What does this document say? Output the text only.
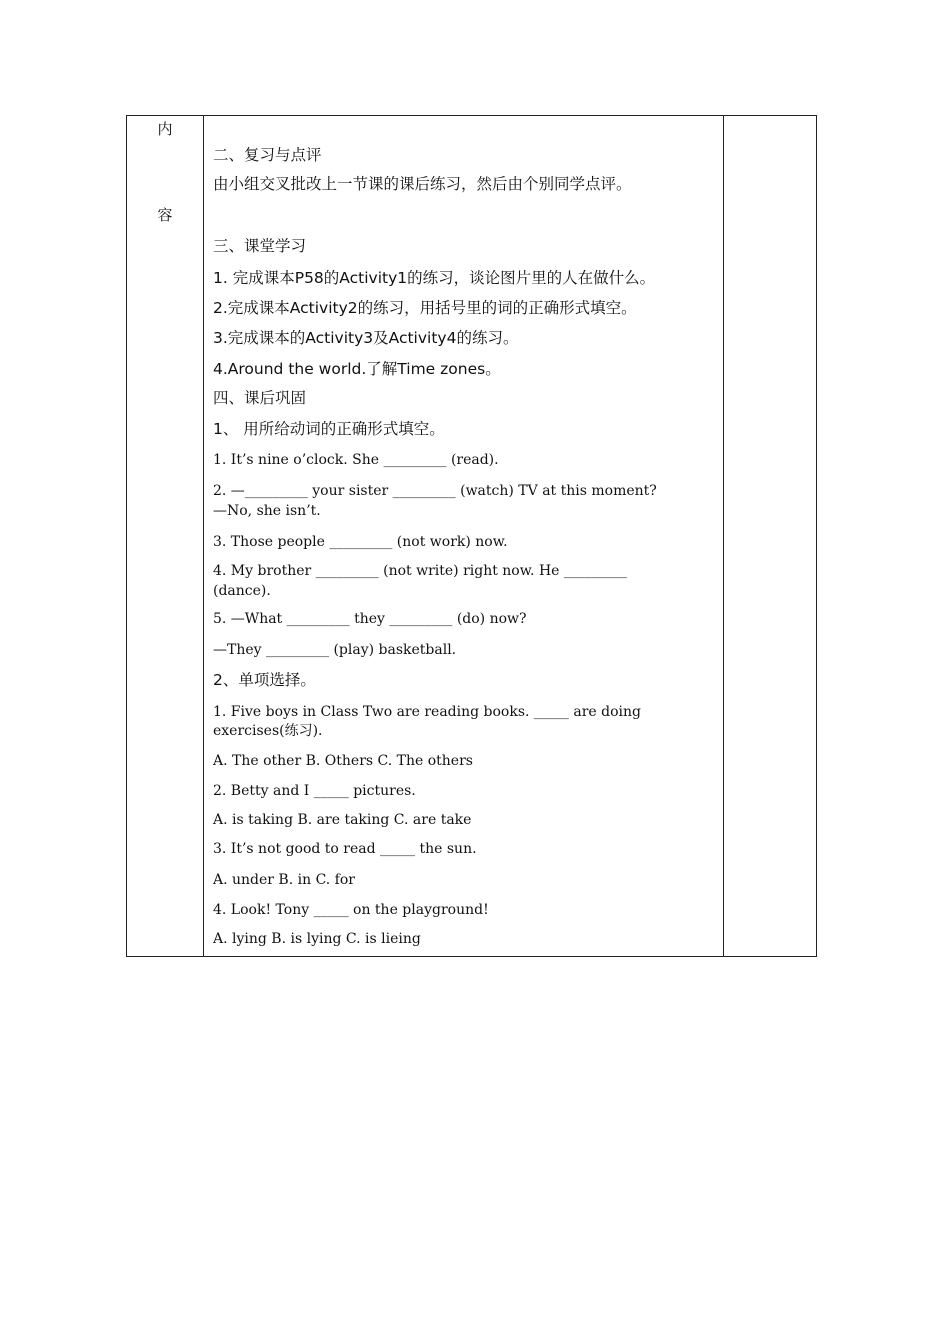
内
容

二、复习与点评
由小组交叉批改上一节课的课后练习，然后由个别同学点评。
三、课堂学习
1. 完成课本P58的Activity1的练习，谈论图片里的人在做什么。
2.完成课本Activity2的练习，用括号里的词的正确形式填空。
3.完成课本的Activity3及Activity4的练习。
4.Around the world.了解Time zones。
四、课后巩固
1、 用所给动词的正确形式填空。
1. It’s nine o’clock. She _________ (read).
2. —_________ your sister _________ (watch) TV at this moment?
—No, she isn’t.
3. Those people _________ (not work) now.
4. My brother _________ (not write) right now. He _________
(dance).
5. —What _________ they _________ (do) now?
—They _________ (play) basketball.
2、单项选择。
1. Five boys in Class Two are reading books. _____ are doing
exercises(练习).
A. The other B. Others C. The others
2. Betty and I _____ pictures.
A. is taking B. are taking C. are take
3. It’s not good to read _____ the sun.
A. under B. in C. for
4. Look! Tony _____ on the playground!
A. lying B. is lying C. is lieing
